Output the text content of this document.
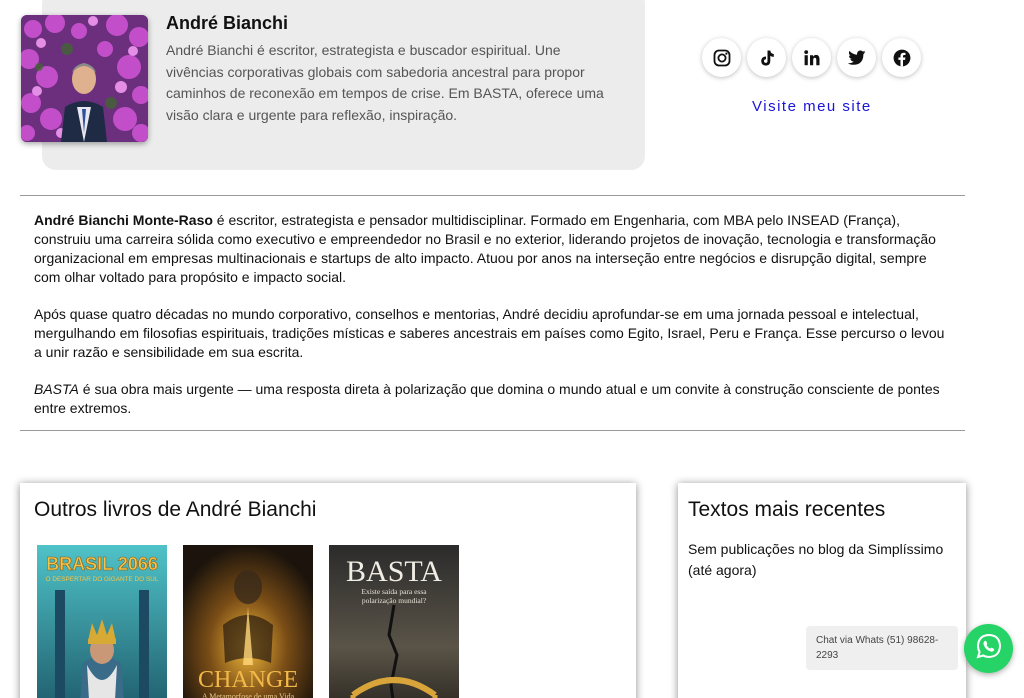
André Bianchi
André Bianchi é escritor, estrategista e buscador espiritual. Une vivências corporativas globais com sabedoria ancestral para propor caminhos de reconexão em tempos de crise. Em BASTA, oferece uma visão clara e urgente para reflexão, inspiração.	Visite meu site

André Bianchi Monte-Raso é escritor, estrategista e pensador multidisciplinar. Formado em Engenharia, com MBA pelo INSEAD (França), construiu uma carreira sólida como executivo e empreendedor no Brasil e no exterior, liderando projetos de inovação, tecnologia e transformação organizacional em empresas multinacionais e startups de alto impacto. Atuou por anos na interseção entre negócios e disrupção digital, sempre com olhar voltado para propósito e impacto social.

Após quase quatro décadas no mundo corporativo, conselhos e mentorias, André decidiu aprofundar-se em uma jornada pessoal e intelectual, mergulhando em filosofias espirituais, tradições místicas e saberes ancestrais em países como Egito, Israel, Peru e França. Esse percurso o levou a unir razão e sensibilidade em sua escrita.

BASTA é sua obra mais urgente — uma resposta direta à polarização que domina o mundo atual e um convite à construção consciente de pontes entre extremos.

Outros livros de André Bianchi
BRASIL 2066
O DESPERTAR DO GIGANTE DO SUL
CHANGE
A Metamorfose de uma Vida
BASTA
Existe saída para essa polarização mundial?
Textos mais recentes
Sem publicações no blog da Simplíssimo (até agora)
Chat via Whats (51) 98628-2293
